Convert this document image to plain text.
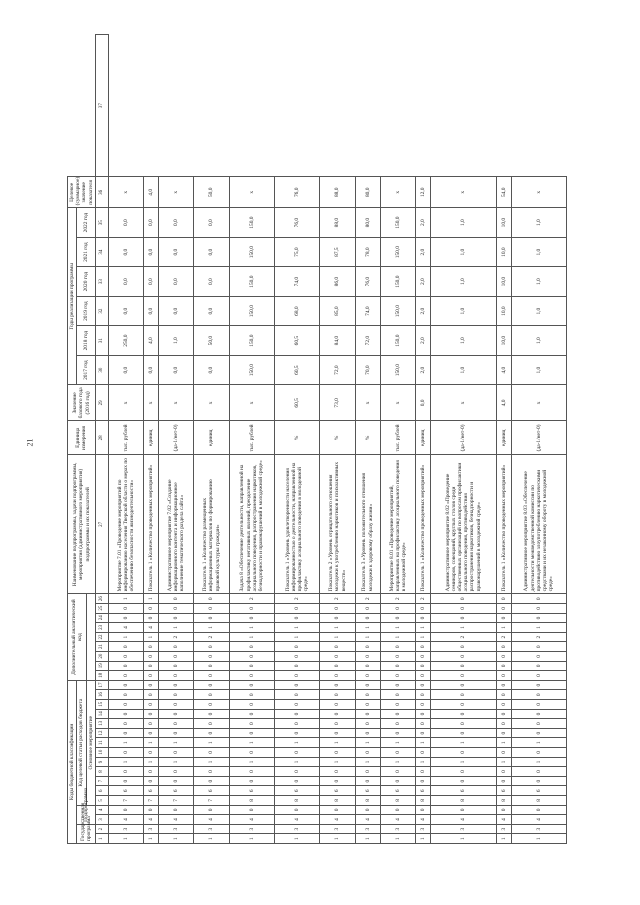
21
Коды бюджетной классификации																	Дополнительный аналитический код									Наименование подпрограммы, задачи подпрограммы, мероприятия (административного мероприятия) подпрограммы и их показателей	Единица измерения	Значение базового года (2016 год)	Годы реализации программы						Целевое (суммарное) значение показателя	
Государственная программа		Подпрограмма		Код целевой статьи расходов бюджета																									2017 год	2018 год	2019 год	2020 год	2021 год	2022 год		
				Основное мероприятие																																
1	2	3	4	5	6	7	8	9	10	11	12	13	14	15	16	17	18	19	20	21	22	23	24	25	26	27	28	29	30	31	32	33	34	35	36	37
1	3	4	0	7	6	0	0	1	0	1	0	0	0	0	0	0	0	0	0	0	1	4	0	0	1	Мероприятие 7.01 «Проведение мероприятий по информированию населения Тверской области о мерах по обеспечению безопасности жизнедеятельности»	тыс. рублей	х	0,0	250,0	0,0	0,0	0,0	0,0	х	
1	3	4	0	7	6	0	0	1	0	1	0	0	0	0	0	0	0	0	0	0	1	4	0	0	1	Показатель 1 «Количество проведенных мероприятий»	единиц	х	0,0	4,0	0,0	0,0	0,0	0,0	4,0	
1	3	4	0	7	6	0	0	1	0	1	0	0	0	0	0	0	0	0	0	0	2	1	0	0	0	Административное мероприятие 7.02 «Создание информационного контента и информационное наполнение тематического раздела сайта»	(да-1/нет-0)	х	0,0	1,0	0,0	0,0	0,0	0,0	х	
1	3	4	0	7	6	0	0	1	0	1	0	0	0	0	0	0	0	0	0	0	2	1	0	0	0	Показатель 1 «Количество размещенных информационных материалов по формированию правовой культуры граждан»	единиц	х	0,0	50,0	0,0	0,0	0,0	0,0	50,0	
1	3	4	0	8	6	0	0	1	0	1	0	0	0	0	0	0	0	0	0	0	1	1	0	0	2	Задача 8 «Обеспечение деятельности, направленной на профилактику негативных явлений, преодоление асоциального поведения, распространения наркотиков, безнадзорности и правонарушений в молодежной среде»	тыс. рублей	х	150,0	150,0	150,0	150,0	150,0	150,0	х	
1	3	4	0	8	6	0	0	1	0	1	0	0	0	0	0	0	0	0	0	0	1	1	0	0	2	Показатель 1 «Уровень удовлетворенности населения информированностью о деятельности, направленной на профилактику асоциального поведения в молодежной среде»	%	60,5	60,5	60,5	68,0	74,0	75,0	76,0	76,0	
1	3	4	0	8	6	0	0	1	0	1	0	0	0	0	0	0	0	0	0	0	1	1	0	0	2	Показатель 2 «Уровень отрицательного отношения молодежи к употреблению наркотиков и психоактивных веществ»	%	73,0	72,0	84,0	85,0	86,0	87,5	88,0	88,0	
1	3	4	0	8	6	0	0	1	0	1	0	0	0	0	0	0	0	0	0	0	1	1	0	0	2	Показатель 3 «Уровень положительного отношения молодежи к здоровому образу жизни»	%	х	70,0	72,0	74,0	76,0	78,0	80,0	80,0	
1	3	4	0	8	6	0	0	1	0	1	0	0	0	0	0	0	0	0	0	0	1	1	0	0	2	Мероприятие 8.01 «Проведение мероприятий, направленных на профилактику асоциального поведения в молодежной среде»	тыс. рублей	х	150,0	150,0	150,0	150,0	150,0	150,0	х	
1	3	4	0	8	6	0	0	1	0	1	0	0	0	0	0	0	0	0	0	0	1	1	0	0	2	Показатель 1 «Количество проведенных мероприятий»	единиц	0,0	2,0	2,0	2,0	2,0	2,0	2,0	12,0	
1	3	4	0	8	6	0	0	1	0	1	0	0	0	0	0	0	0	0	0	0	2	1	0	0	0	Административное мероприятие 8.02 «Проведение семинаров, совещаний, круглых столов среди общественных организаций по вопросам профилактики асоциального поведения, противодействия распространения наркотиков, безнадзорности и правонарушений в молодежной среде»	(да-1/нет-0)	х	1,0	1,0	1,0	1,0	1,0	1,0	х	
1	3	4	0	8	6	0	0	1	0	1	0	0	0	0	0	0	0	0	0	0	2	1	0	0	0	Показатель 1 «Количество проведенных мероприятий»	единиц	4,0	4,0	10,0	10,0	10,0	10,0	10,0	54,0	
1	3	4	0	8	6	0	0	1	0	1	0	0	0	0	0	0	0	0	0	0	2	1	0	0	0	Административное мероприятие 8.03 «Обеспечение деятельности межведомственной комиссии по противодействию злоупотреблению наркотическими средствами и их незаконному обороту в молодежной среде»	(да-1/нет-0)	х	1,0	1,0	1,0	1,0	1,0	1,0	х	
